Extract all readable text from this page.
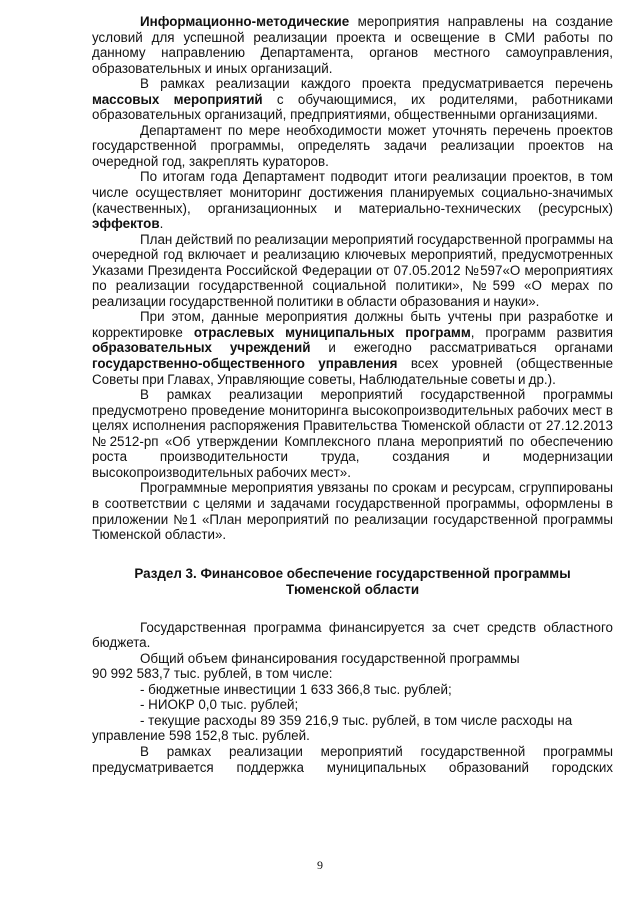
Информационно-методические мероприятия направлены на создание условий для успешной реализации проекта и освещение в СМИ работы по данному направлению Департамента, органов местного самоуправления, образовательных и иных организаций.

В рамках реализации каждого проекта предусматривается перечень массовых мероприятий с обучающимися, их родителями, работниками образовательных организаций, предприятиями, общественными организациями.

Департамент по мере необходимости может уточнять перечень проектов государственной программы, определять задачи реализации проектов на очередной год, закреплять кураторов.

По итогам года Департамент подводит итоги реализации проектов, в том числе осуществляет мониторинг достижения планируемых социально-значимых (качественных), организационных и материально-технических (ресурсных) эффектов.

План действий по реализации мероприятий государственной программы на очередной год включает и реализацию ключевых мероприятий, предусмотренных Указами Президента Российской Федерации от 07.05.2012 №597«О мероприятиях по реализации государственной социальной политики», №599 «О мерах по реализации государственной политики в области образования и науки».

При этом, данные мероприятия должны быть учтены при разработке и корректировке отраслевых муниципальных программ, программ развития образовательных учреждений и ежегодно рассматриваться органами государственно-общественного управления всех уровней (общественные Советы при Главах, Управляющие советы, Наблюдательные советы и др.).

В рамках реализации мероприятий государственной программы предусмотрено проведение мониторинга высокопроизводительных рабочих мест в целях исполнения распоряжения Правительства Тюменской области от 27.12.2013 №2512-рп «Об утверждении Комплексного плана мероприятий по обеспечению роста производительности труда, создания и модернизации высокопроизводительных рабочих мест».

Программные мероприятия увязаны по срокам и ресурсам, сгруппированы в соответствии с целями и задачами государственной программы, оформлены в приложении №1 «План мероприятий по реализации государственной программы Тюменской области».

Раздел 3. Финансовое обеспечение государственной программы
Тюменской области

Государственная программа финансируется за счет средств областного бюджета.

Общий объем финансирования государственной программы

90 992 583,7 тыс. рублей, в том числе:

- бюджетные инвестиции 1 633 366,8 тыс. рублей;

- НИОКР 0,0 тыс. рублей;

- текущие расходы 89 359 216,9 тыс. рублей, в том числе расходы на

управление 598 152,8 тыс. рублей.

В рамках реализации мероприятий государственной программы предусматривается поддержка муниципальных образований городских

9
